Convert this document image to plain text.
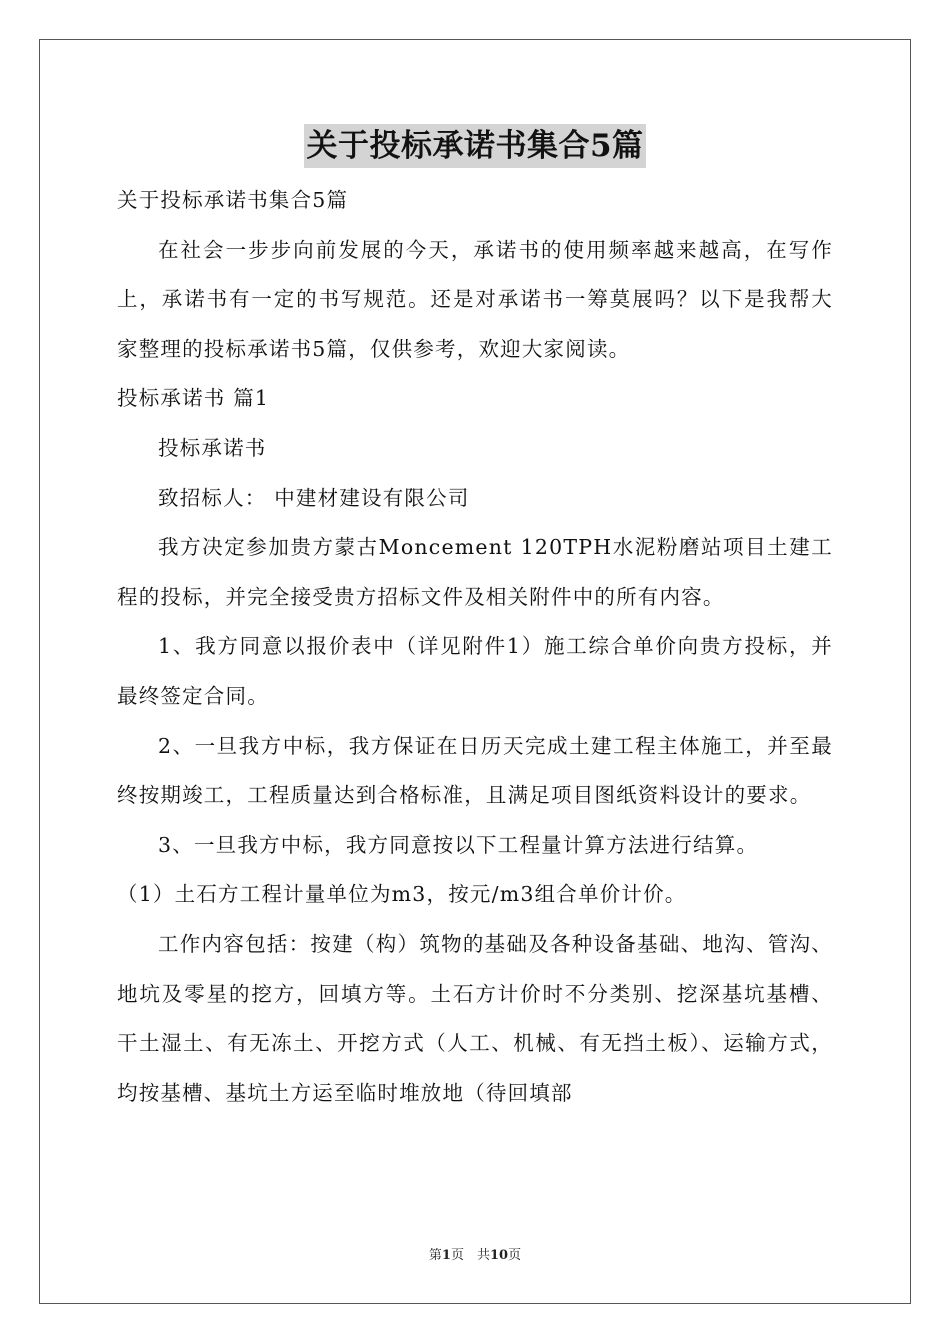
关于投标承诺书集合5篇

关于投标承诺书集合5篇

在社会一步步向前发展的今天，承诺书的使用频率越来越高，在写作上，承诺书有一定的书写规范。还是对承诺书一筹莫展吗？以下是我帮大家整理的投标承诺书5篇，仅供参考，欢迎大家阅读。

投标承诺书 篇1

投标承诺书

致招标人： 中建材建设有限公司

我方决定参加贵方蒙古Moncement 120TPH水泥粉磨站项目土建工程的投标，并完全接受贵方招标文件及相关附件中的所有内容。

1、我方同意以报价表中（详见附件1）施工综合单价向贵方投标，并最终签定合同。

2、一旦我方中标，我方保证在日历天完成土建工程主体施工，并至最终按期竣工，工程质量达到合格标准，且满足项目图纸资料设计的要求。

3、一旦我方中标，我方同意按以下工程量计算方法进行结算。

（1）土石方工程计量单位为m3，按元/m3组合单价计价。

工作内容包括：按建（构）筑物的基础及各种设备基础、地沟、管沟、地坑及零星的挖方，回填方等。土石方计价时不分类别、挖深基坑基槽、干土湿土、有无冻土、开挖方式（人工、机械、有无挡土板）、运输方式，均按基槽、基坑土方运至临时堆放地（待回填部

第1页　共10页
